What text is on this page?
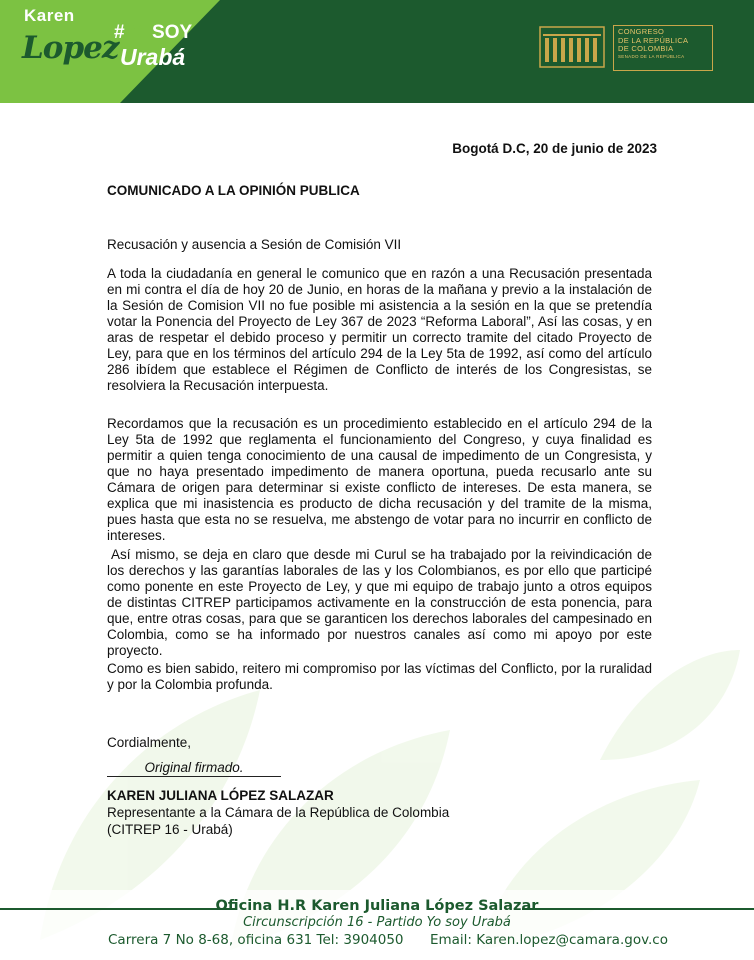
Karen
Lopez
#YOSOY
Urabá
CONGRESO
DE LA REPÚBLICA
DE COLOMBIA
SENADO DE LA REPÚBLICA
Bogotá D.C, 20 de junio de 2023
COMUNICADO A LA OPINIÓN PUBLICA
Recusación y ausencia a Sesión de Comisión VII

A toda la ciudadanía en general le comunico que en razón a una Recusación presentada en mi contra el día de hoy 20 de Junio, en horas de la mañana y previo a la instalación de la Sesión de Comision VII no fue posible mi asistencia a la sesión en la que se pretendía votar la Ponencia del Proyecto de Ley 367 de 2023 “Reforma Laboral”, Así las cosas, y en aras de respetar el debido proceso y permitir un correcto tramite del citado Proyecto de Ley, para que en los términos del artículo 294 de la Ley 5ta de 1992, así como del artículo 286 ibídem que establece el Régimen de Conflicto de interés de los Congresistas, se resolviera la Recusación interpuesta.

Recordamos que la recusación es un procedimiento establecido en el artículo 294 de la Ley 5ta de 1992 que reglamenta el funcionamiento del Congreso, y cuya finalidad es permitir a quien tenga conocimiento de una causal de impedimento de un Congresista, y que no haya presentado impedimento de manera oportuna, pueda recusarlo ante su Cámara de origen para determinar si existe conflicto de intereses. De esta manera, se explica que mi inasistencia es producto de dicha recusación y del tramite de la misma, pues hasta que esta no se resuelva, me abstengo de votar para no incurrir en conflicto de intereses.

Así mismo, se deja en claro que desde mi Curul se ha trabajado por la reivindicación de los derechos y las garantías laborales de las y los Colombianos, es por ello que participé como ponente en este Proyecto de Ley, y que mi equipo de trabajo junto a otros equipos de distintas CITREP participamos activamente en la construcción de esta ponencia, para que, entre otras cosas, para que se garanticen los derechos laborales del campesinado en Colombia, como se ha informado por nuestros canales así como mi apoyo por este proyecto.

Como es bien sabido, reitero mi compromiso por las víctimas del Conflicto, por la ruralidad y por la Colombia profunda.

Cordialmente,
Original firmado.
KAREN JULIANA LÓPEZ SALAZAR
Representante a la Cámara de la República de Colombia
(CITREP 16 - Urabá)
Oficina H.R Karen Juliana López Salazar
Circunscripción 16 - Partido Yo soy Urabá
Carrera 7 No 8-68, oficina 631 Tel: 3904050 Email: Karen.lopez@camara.gov.co
